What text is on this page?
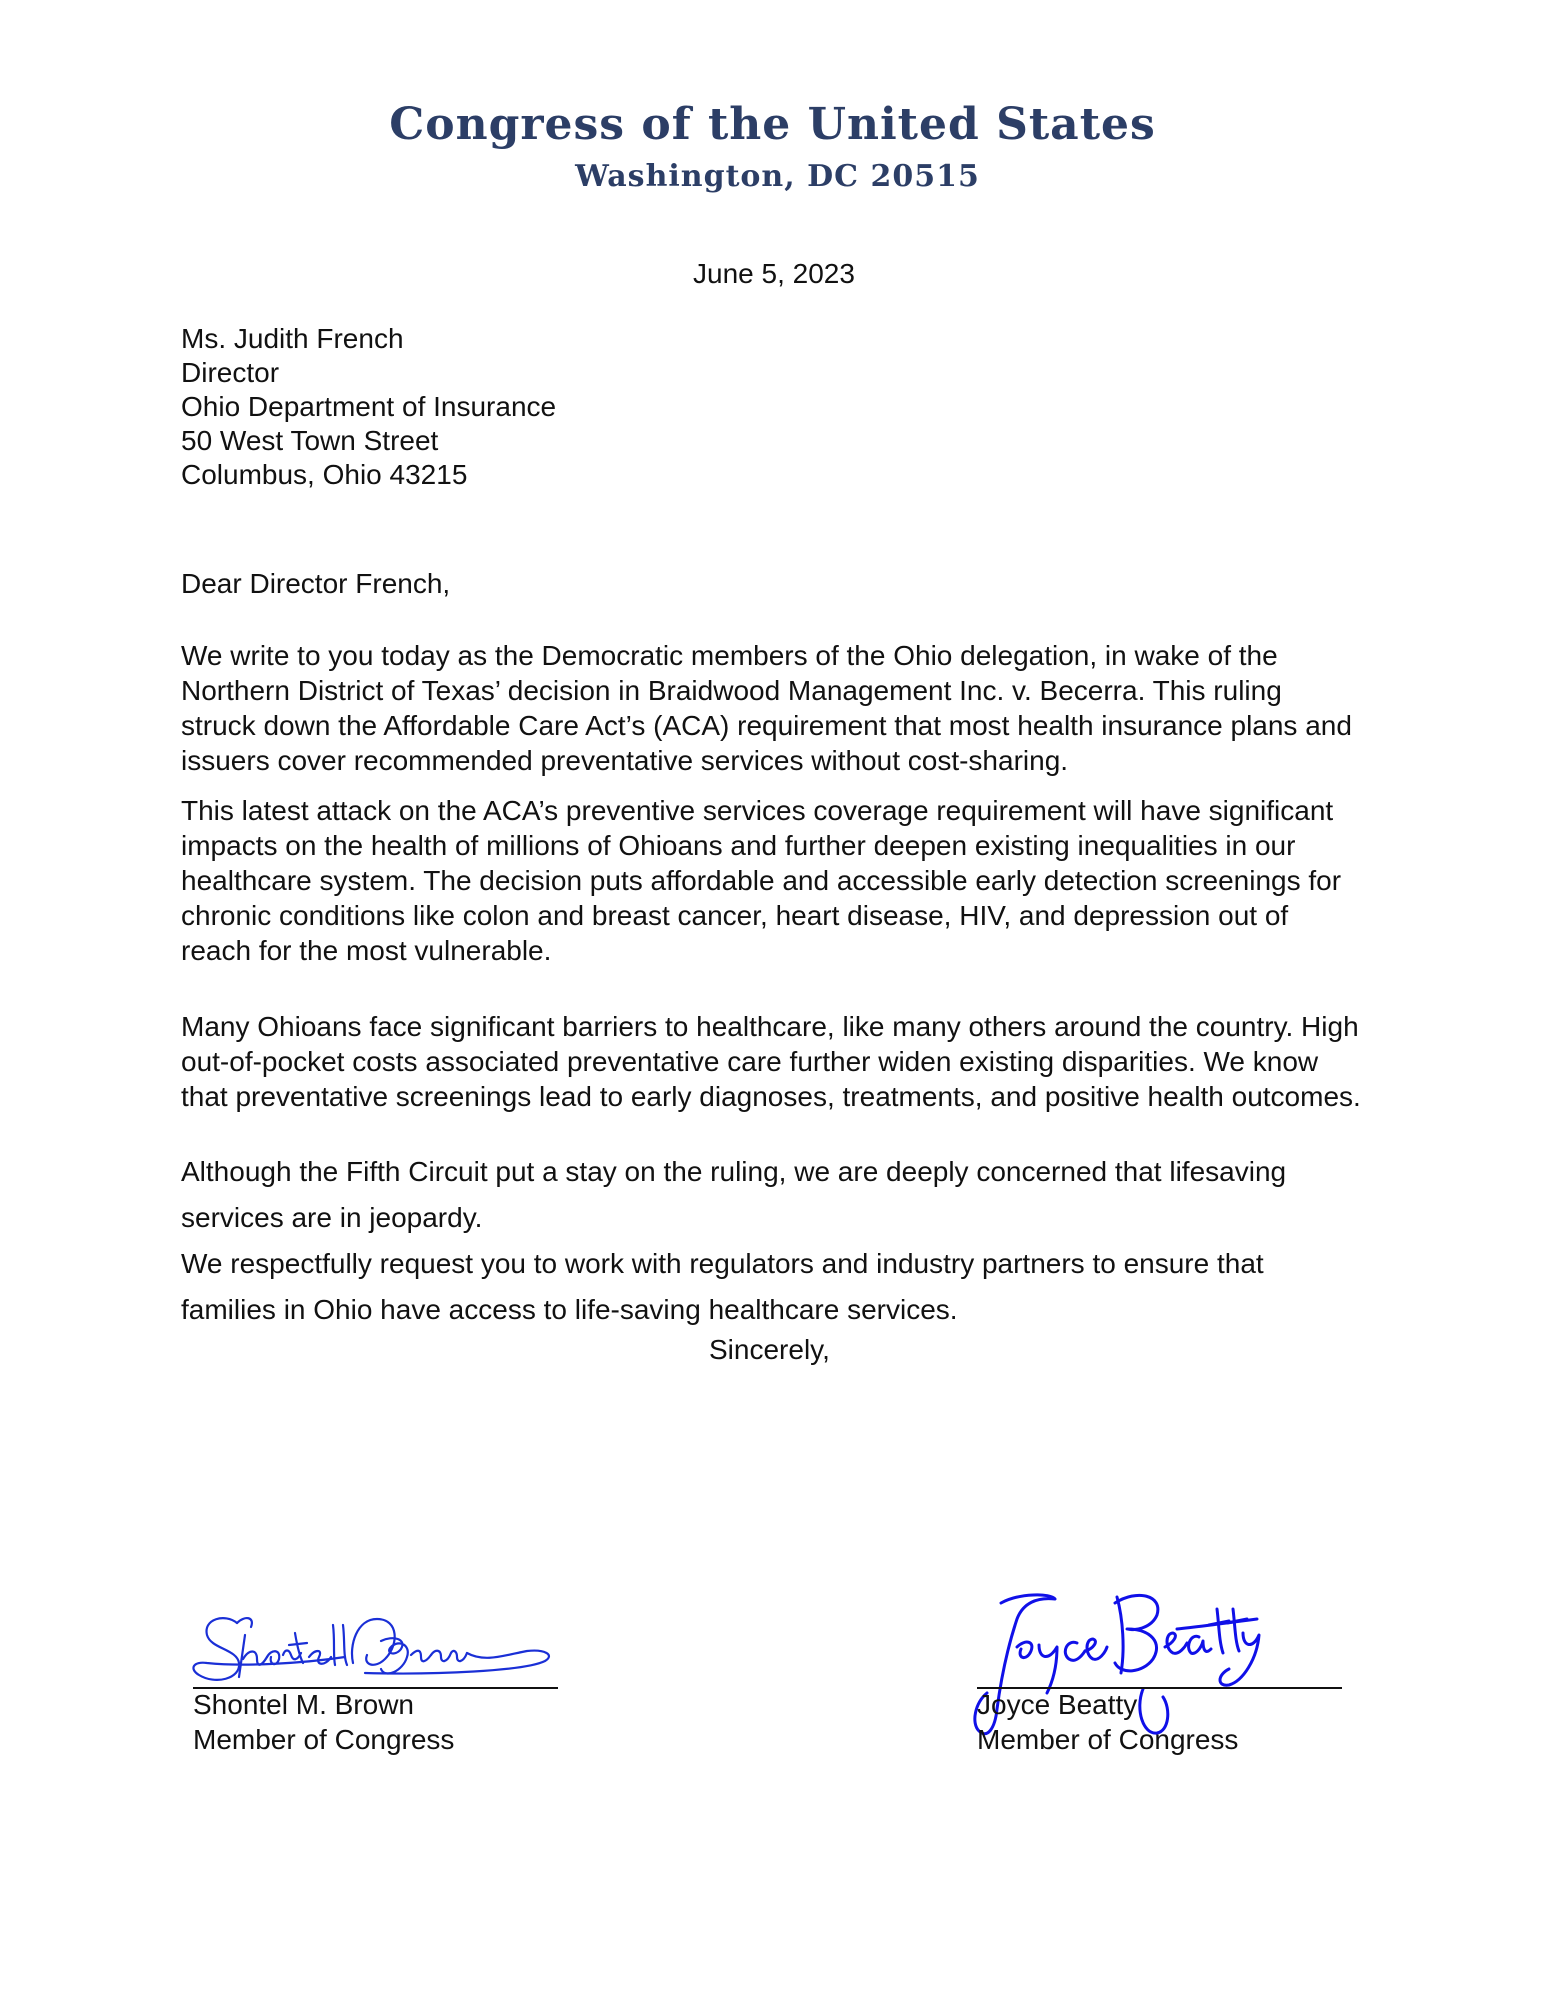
Congress of the United States
Washington, DC 20515
June 5, 2023
Ms. Judith French
Director
Ohio Department of Insurance
50 West Town Street
Columbus, Ohio 43215
Dear Director French,
We write to you today as the Democratic members of the Ohio delegation, in wake of the Northern District of Texas’ decision in Braidwood Management Inc. v. Becerra. This ruling struck down the Affordable Care Act’s (ACA) requirement that most health insurance plans and issuers cover recommended preventative services without cost-sharing.
This latest attack on the ACA’s preventive services coverage requirement will have significant impacts on the health of millions of Ohioans and further deepen existing inequalities in our healthcare system. The decision puts affordable and accessible early detection screenings for chronic conditions like colon and breast cancer, heart disease, HIV, and depression out of reach for the most vulnerable.
Many Ohioans face significant barriers to healthcare, like many others around the country. High out-of-pocket costs associated preventative care further widen existing disparities. We know that preventative screenings lead to early diagnoses, treatments, and positive health outcomes.
Although the Fifth Circuit put a stay on the ruling, we are deeply concerned that lifesaving services are in jeopardy.
We respectfully request you to work with regulators and industry partners to ensure that families in Ohio have access to life-saving healthcare services.
Sincerely,
Shontel M. Brown
Member of Congress
Joyce Beatty
Member of Congress
